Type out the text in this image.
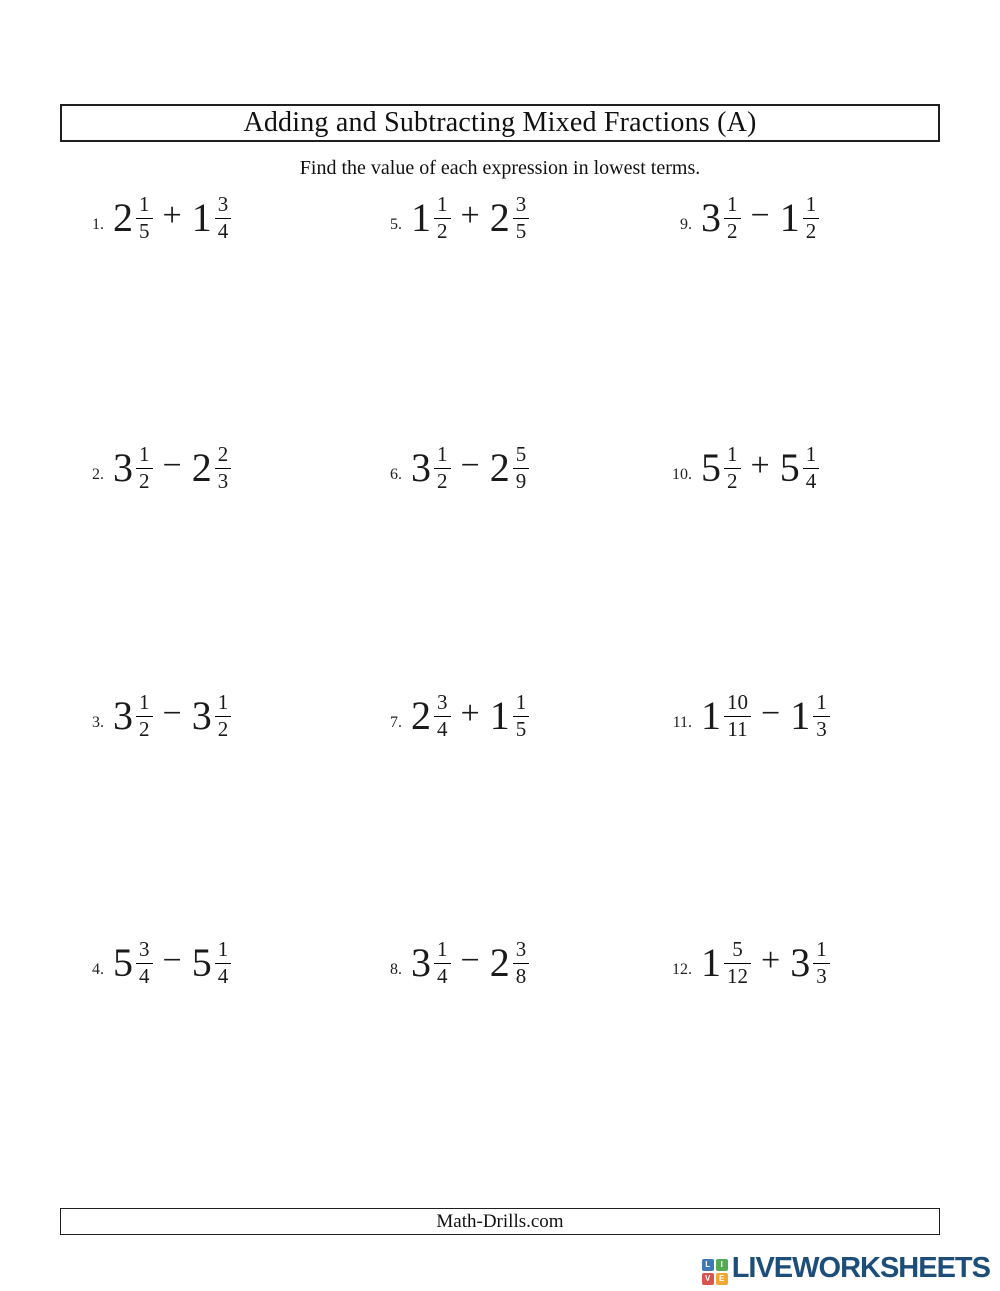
Adding and Subtracting Mixed Fractions (A)
Find the value of each expression in lowest terms.
1. $2 \frac{1}{5} + 1 \frac{3}{4}$
2. $3 \frac{1}{2} - 2 \frac{2}{3}$
3. $3 \frac{1}{2} - 3 \frac{1}{2}$
4. $5 \frac{3}{4} - 5 \frac{1}{4}$
5. $1 \frac{1}{2} + 2 \frac{3}{5}$
6. $3 \frac{1}{2} - 2 \frac{5}{9}$
7. $2 \frac{3}{4} + 1 \frac{1}{5}$
8. $3 \frac{1}{4} - 2 \frac{3}{8}$
9. $3 \frac{1}{2} - 1 \frac{1}{2}$
10. $5 \frac{1}{2} + 5 \frac{1}{4}$
11. $1 \frac{10}{11} - 1 \frac{1}{3}$
12. $1 \frac{5}{12} + 3 \frac{1}{3}$
Math-Drills.com
L	I
V	E LIVEWORKSHEETS
